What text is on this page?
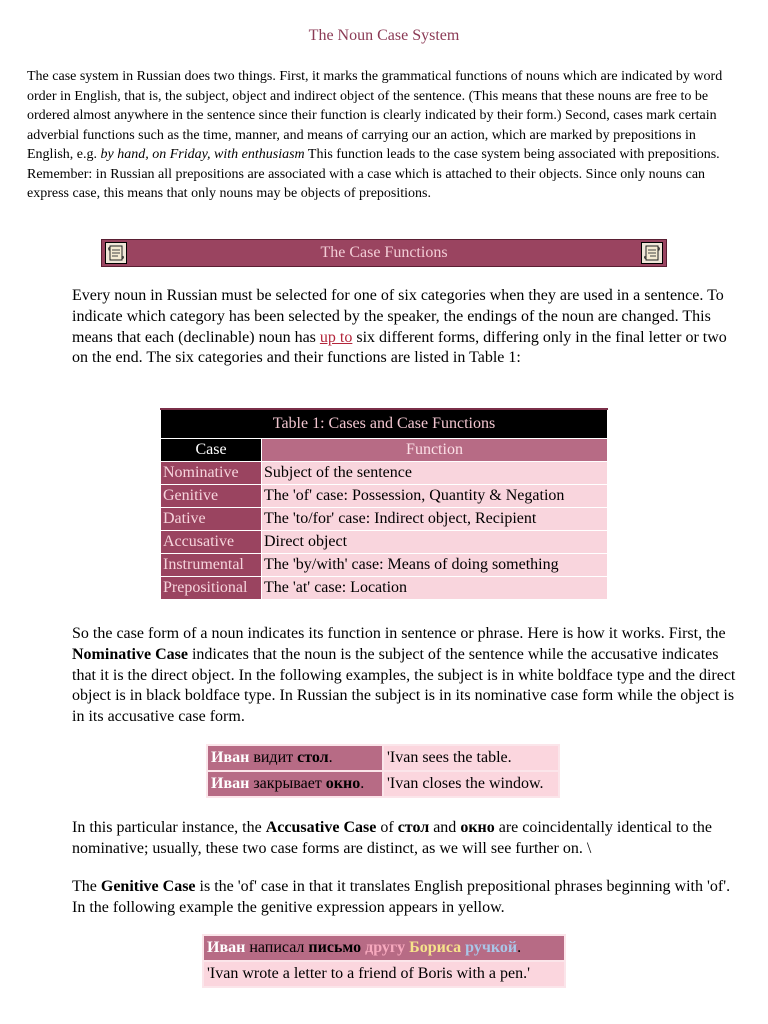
The Noun Case System
The case system in Russian does two things. First, it marks the grammatical functions of nouns which are indicated by word order in English, that is, the subject, object and indirect object of the sentence. (This means that these nouns are free to be ordered almost anywhere in the sentence since their function is clearly indicated by their form.) Second, cases mark certain adverbial functions such as the time, manner, and means of carrying our an action, which are marked by prepositions in English, e.g. by hand, on Friday, with enthusiasm This function leads to the case system being associated with prepositions. Remember: in Russian all prepositions are associated with a case which is attached to their objects. Since only nouns can express case, this means that only nouns may be objects of prepositions.
The Case Functions
Every noun in Russian must be selected for one of six categories when they are used in a sentence. To indicate which category has been selected by the speaker, the endings of the noun are changed. This means that each (declinable) noun has up to six different forms, differing only in the final letter or two on the end. The six categories and their functions are listed in Table 1:
Table 1: Cases and Case Functions	
Case	Function
Nominative	Subject of the sentence
Genitive	The 'of' case: Possession, Quantity & Negation
Dative	The 'to/for' case: Indirect object, Recipient
Accusative	Direct object
Instrumental	The 'by/with' case: Means of doing something
Prepositional	The 'at' case: Location
So the case form of a noun indicates its function in sentence or phrase. Here is how it works. First, the Nominative Case indicates that the noun is the subject of the sentence while the accusative indicates that it is the direct object. In the following examples, the subject is in white boldface type and the direct object is in black boldface type. In Russian the subject is in its nominative case form while the object is in its accusative case form.
Иван видит стол.	'Ivan sees the table.
Иван закрывает окно.	'Ivan closes the window.
In this particular instance, the Accusative Case of стол and окно are coincidentally identical to the nominative; usually, these two case forms are distinct, as we will see further on. \
The Genitive Case is the 'of' case in that it translates English prepositional phrases beginning with 'of'. In the following example the genitive expression appears in yellow.
Иван написал письмо другу Бориса ручкой.
'Ivan wrote a letter to a friend of Boris with a pen.'
